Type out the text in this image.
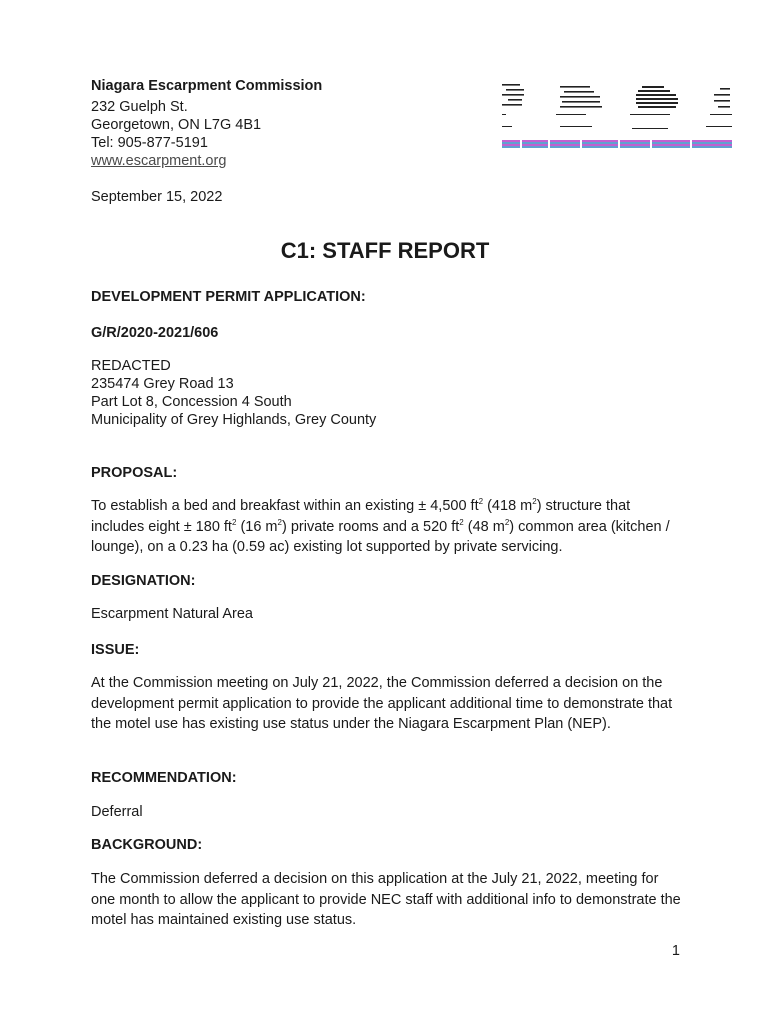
Niagara Escarpment Commission
232 Guelph St.
Georgetown, ON L7G 4B1
Tel: 905-877-5191
www.escarpment.org
September 15, 2022
C1: STAFF REPORT
DEVELOPMENT PERMIT APPLICATION:
G/R/2020-2021/606
REDACTED
235474 Grey Road 13
Part Lot 8, Concession 4 South
Municipality of Grey Highlands, Grey County
PROPOSAL:
To establish a bed and breakfast within an existing ± 4,500 $ft^2$ (418 $m^2$) structure that includes eight ± 180 $ft^2$ (16 $m^2$) private rooms and a 520 $ft^2$ (48 $m^2$) common area (kitchen / lounge), on a 0.23 ha (0.59 ac) existing lot supported by private servicing.
DESIGNATION:
Escarpment Natural Area
ISSUE:
At the Commission meeting on July 21, 2022, the Commission deferred a decision on the development permit application to provide the applicant additional time to demonstrate that the motel use has existing use status under the Niagara Escarpment Plan (NEP).
RECOMMENDATION:
Deferral
BACKGROUND:
The Commission deferred a decision on this application at the July 21, 2022, meeting for one month to allow the applicant to provide NEC staff with additional info to demonstrate the motel has maintained existing use status.
1
